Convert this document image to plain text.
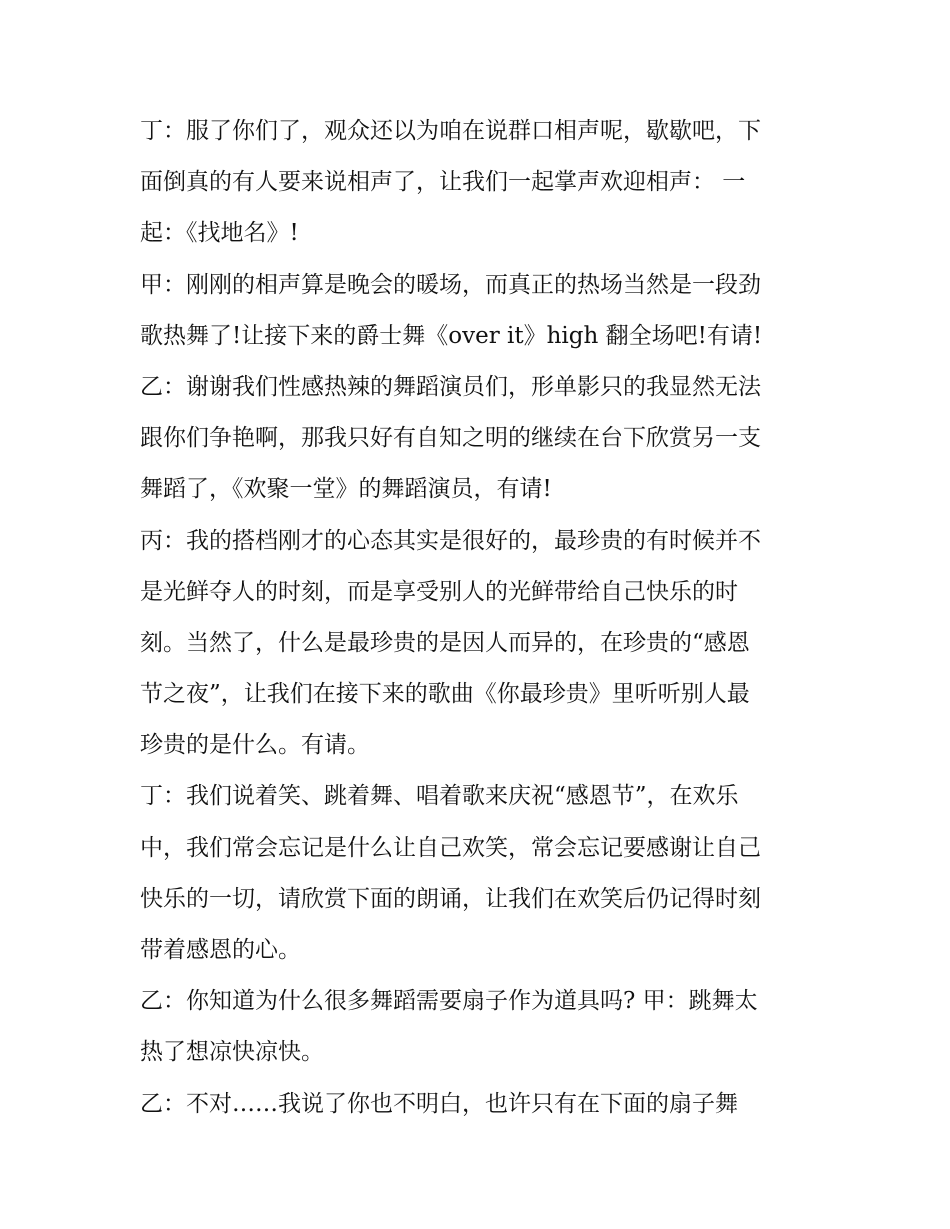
丁：服了你们了，观众还以为咱在说群口相声呢，歇歇吧，下
面倒真的有人要来说相声了，让我们一起掌声欢迎相声： 一
起：《找地名》!
甲：刚刚的相声算是晚会的暖场，而真正的热场当然是一段劲
歌热舞了!让接下来的爵士舞《over it》high 翻全场吧!有请!
乙：谢谢我们性感热辣的舞蹈演员们，形单影只的我显然无法
跟你们争艳啊，那我只好有自知之明的继续在台下欣赏另一支
舞蹈了，《欢聚一堂》的舞蹈演员，有请!
丙：我的搭档刚才的心态其实是很好的，最珍贵的有时候并不
是光鲜夺人的时刻，而是享受别人的光鲜带给自己快乐的时
刻。当然了，什么是最珍贵的是因人而异的，在珍贵的“感恩
节之夜”，让我们在接下来的歌曲《你最珍贵》里听听别人最
珍贵的是什么。有请。
丁：我们说着笑、跳着舞、唱着歌来庆祝“感恩节”，在欢乐
中，我们常会忘记是什么让自己欢笑，常会忘记要感谢让自己
快乐的一切，请欣赏下面的朗诵，让我们在欢笑后仍记得时刻
带着感恩的心。
乙：你知道为什么很多舞蹈需要扇子作为道具吗? 甲：跳舞太
热了想凉快凉快。
乙：不对……我说了你也不明白，也许只有在下面的扇子舞
